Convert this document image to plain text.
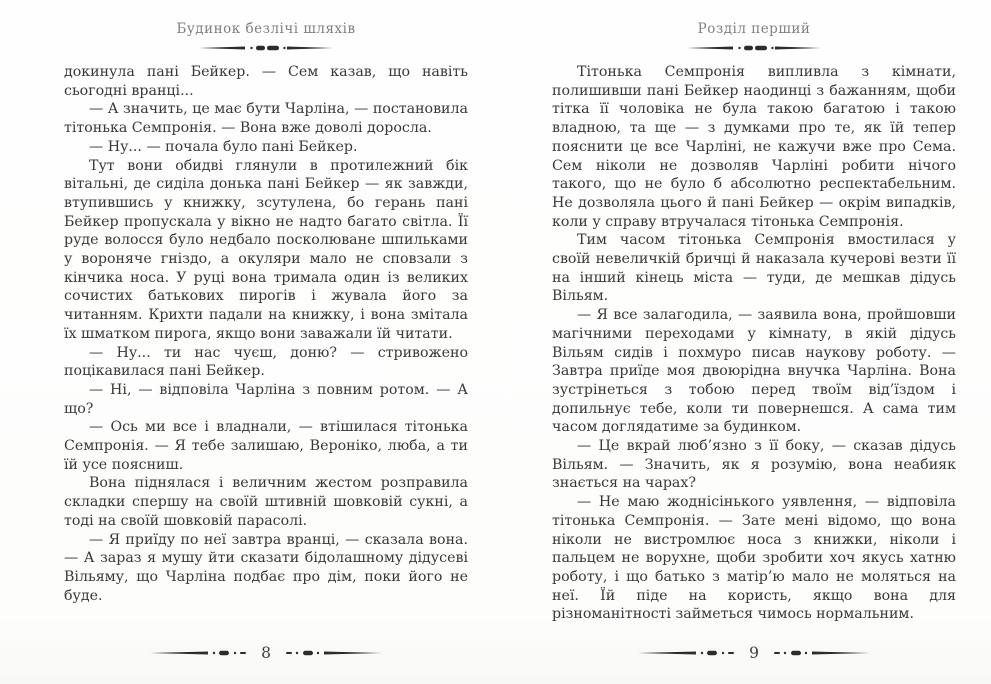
Будинок безлічі шляхів

докинула пані Бейкер. — Сем казав, що навіть сьогодні вранці...

— А значить, це має бути Чарліна, — постановила тітонька Семпронія. — Вона вже доволі доросла.

— Ну... — почала було пані Бейкер.

Тут вони обидві глянули в протилежний бік вітальні, де сиділа донька пані Бейкер — як завжди, втупившись у книжку, зсутулена, бо герань пані Бейкер пропускала у вікно не надто багато світла. Її руде волосся було недбало посколюване шпильками у вороняче гніздо, а окуляри мало не сповзали з кінчика носа. У руці вона тримала один із великих сочистих батькових пирогів і жувала його за читанням. Крихти падали на книжку, і вона змітала їх шматком пирога, якщо вони заважали їй читати.

— Ну... ти нас чуєш, доню? — стривожено поцікавилася пані Бейкер.

— Ні, — відповіла Чарліна з повним ротом. — А що?

— Ось ми все і владнали, — втішилася тітонька Семпронія. — Я тебе залишаю, Вероніко, люба, а ти їй усе поясниш.

Вона піднялася і величним жестом розправила складки спершу на своїй штивній шовковій сукні, а тоді на своїй шовковій парасолі.

— Я приїду по неї завтра вранці, — сказала вона. — А зараз я мушу йти сказати бідолашному дідусеві Вільяму, що Чарліна подбає про дім, поки його не буде.

8
Розділ перший

Тітонька Семпронія випливла з кімнати, полишивши пані Бейкер наодинці з бажанням, щоби тітка її чоловіка не була такою багатою і такою владною, та ще — з думками про те, як їй тепер пояснити це все Чарліні, не кажучи вже про Сема. Сем ніколи не дозволяв Чарліні робити нічого такого, що не було б абсолютно респектабельним. Не дозволяла цього й пані Бейкер — окрім випадків, коли у справу втручалася тітонька Семпронія.

Тим часом тітонька Семпронія вмостилася у своїй невеличкій бричці й наказала кучерові везти її на інший кінець міста — туди, де мешкав дідусь Вільям.

— Я все залагодила, — заявила вона, пройшовши магічними переходами у кімнату, в якій дідусь Вільям сидів і похмуро писав наукову роботу. — Завтра приїде моя двоюрідна внучка Чарліна. Вона зустрінеться з тобою перед твоїм від’їздом і допильнує тебе, коли ти повернешся. А сама тим часом доглядатиме за будинком.

— Це вкрай люб’язно з її боку, — сказав дідусь Вільям. — Значить, як я розумію, вона неабияк знається на чарах?

— Не маю жоднісінького уявлення, — відповіла тітонька Семпронія. — Зате мені відомо, що вона ніколи не вистромлює носа з книжки, ніколи і пальцем не ворухне, щоби зробити хоч якусь хатню роботу, і що батько з матір’ю мало не моляться на неї. Їй піде на користь, якщо вона для різноманітності займеться чимось нормальним.

9
